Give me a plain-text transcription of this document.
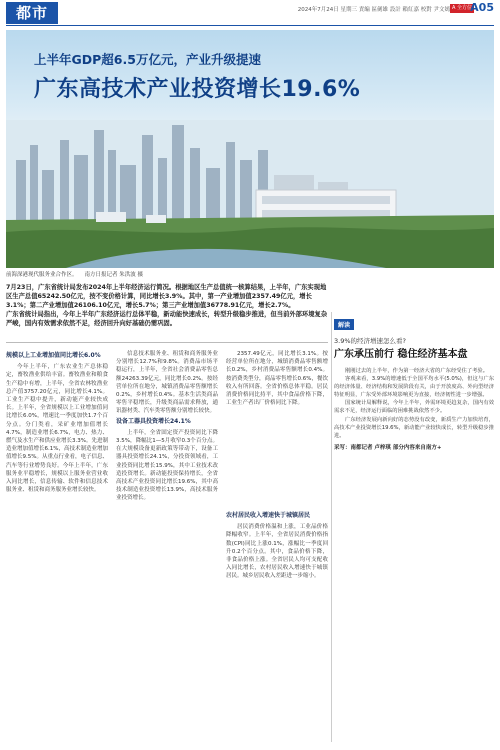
都市	2024年7月24日 星期三 責編 區劍雄 設計 賴紅嘉 校對 尹文嫣 A 全方位
A05
上半年GDP超6.5万亿元，产业升级提速
广东高技术产业投资增长19.6%
前海深港现代服务业合作区。 南方日报记者 朱洪波 摄
7月23日，广东省统计局发布2024年上半年经济运行简况。根据地区生产总值统一核算结果，上半年，广东实现地区生产总值65242.50亿元，按不变价格计算，同比增长3.9%。其中，第一产业增加值2357.49亿元，增长3.1%；第二产业增加值26106.10亿元，增长5.7%；第三产业增加值36778.91亿元，增长2.7%。
广东省统计局指出，今年上半年广东经济运行总体平稳，新动能快速成长，转型升级稳步推进，但当前外部环境复杂严峻，国内有效需求依然不足，经济回升向好基础仍需巩固。
规模以上工业增加值同比增长6.0%

今年上半年，广东农业生产总体稳定，畜牧渔业供给丰富。畜牧渔业和粮食生产稳中有增，上半年，全省农林牧渔业总产值3757.20亿元，同比增长4.1%。工业生产稳中提升，新动能产业较快成长。上半年，全省规模以上工业增加值同比增长6.0%，增速比一季度加快1.7个百分点。分门类看，采矿业增加值增长4.7%，制造业增长6.7%，电力、热力、燃气及水生产和供应业增长3.3%。先进制造业增加值增长6.1%，高技术制造业增加值增长9.5%。从重点行业看，电子信息、汽车等行业增势良好。今年上半年，广东服务业平稳增长，规模以上服务业营业收入同比增长，信息传输、软件和信息技术服务业、租赁和商务服务业增长较快。

信息技术服务业、租赁和商务服务业分别增长12.7%和9.8%。消费品市场平稳运行，上半年，全省社会消费品零售总额24263.39亿元，同比增长0.2%。按经营单位所在地分，城镇消费品零售额增长0.2%，乡村增长0.4%。基本生活类商品零售平稳增长，升级类商品需求释放，通讯器材类、汽车类零售额分别增长较快。

设备工器具投资增长24.1%

上半年，全省固定资产投资同比下降3.5%，降幅比1—5月收窄0.3个百分点。在大规模设备更新政策等带动下，设备工器具投资增长24.1%，分投资领域看，工业投资同比增长15.9%，其中工业技术改造投资增长。新动能投资保持增长，全省高技术产业投资同比增长19.6%，其中高技术制造业投资增长13.9%，高技术服务业投资增长。

2357.49亿元，同比增长3.1%。按经营单位所在地分，城镇消费品零售额增长0.2%，乡村消费品零售额增长0.4%。按消费类型分，商品零售增长0.6%，餐饮收入有所回落。全省价格总体平稳。居民消费价格同比持平，其中食品价格下降，工业生产者出厂价格同比下降。

农村居民收入增速快于城镇居民

居民消费价格温和上涨，工业品价格降幅收窄。上半年，全省居民消费价格指数(CPI)同比上涨0.1%，涨幅比一季度回升0.2个百分点。其中，食品价格下降，非食品价格上涨。全省居民人均可支配收入同比增长，农村居民收入增速快于城镇居民。城乡居民收入差距进一步缩小。

解读
3.9%的经济增速怎么看?
广东承压前行 稳住经济基本盘

刚刚过去的上半年，作为第一经济大省的广东经受住了考验。

客观来看，3.9%的增速低于全国平均水平(5.0%)，但这与广东的经济体量、经济结构和发展阶段有关，由于开放度高、外向型经济特征明显，广东受外部环境影响更为直接，经济韧性进一步增强。

国家统计局解释说，今年上半年，外需环境更趋复杂，国内有效需求不足，经济运行面临的困难挑战依然不少。

广东经济发展向新向好的态势没有改变，新质生产力加快培育，高技术产业投资增长19.6%，新动能产业较快成长，转型升级稳步推进。

采写：南都记者 卢梓琪 部分内容来自南方+
